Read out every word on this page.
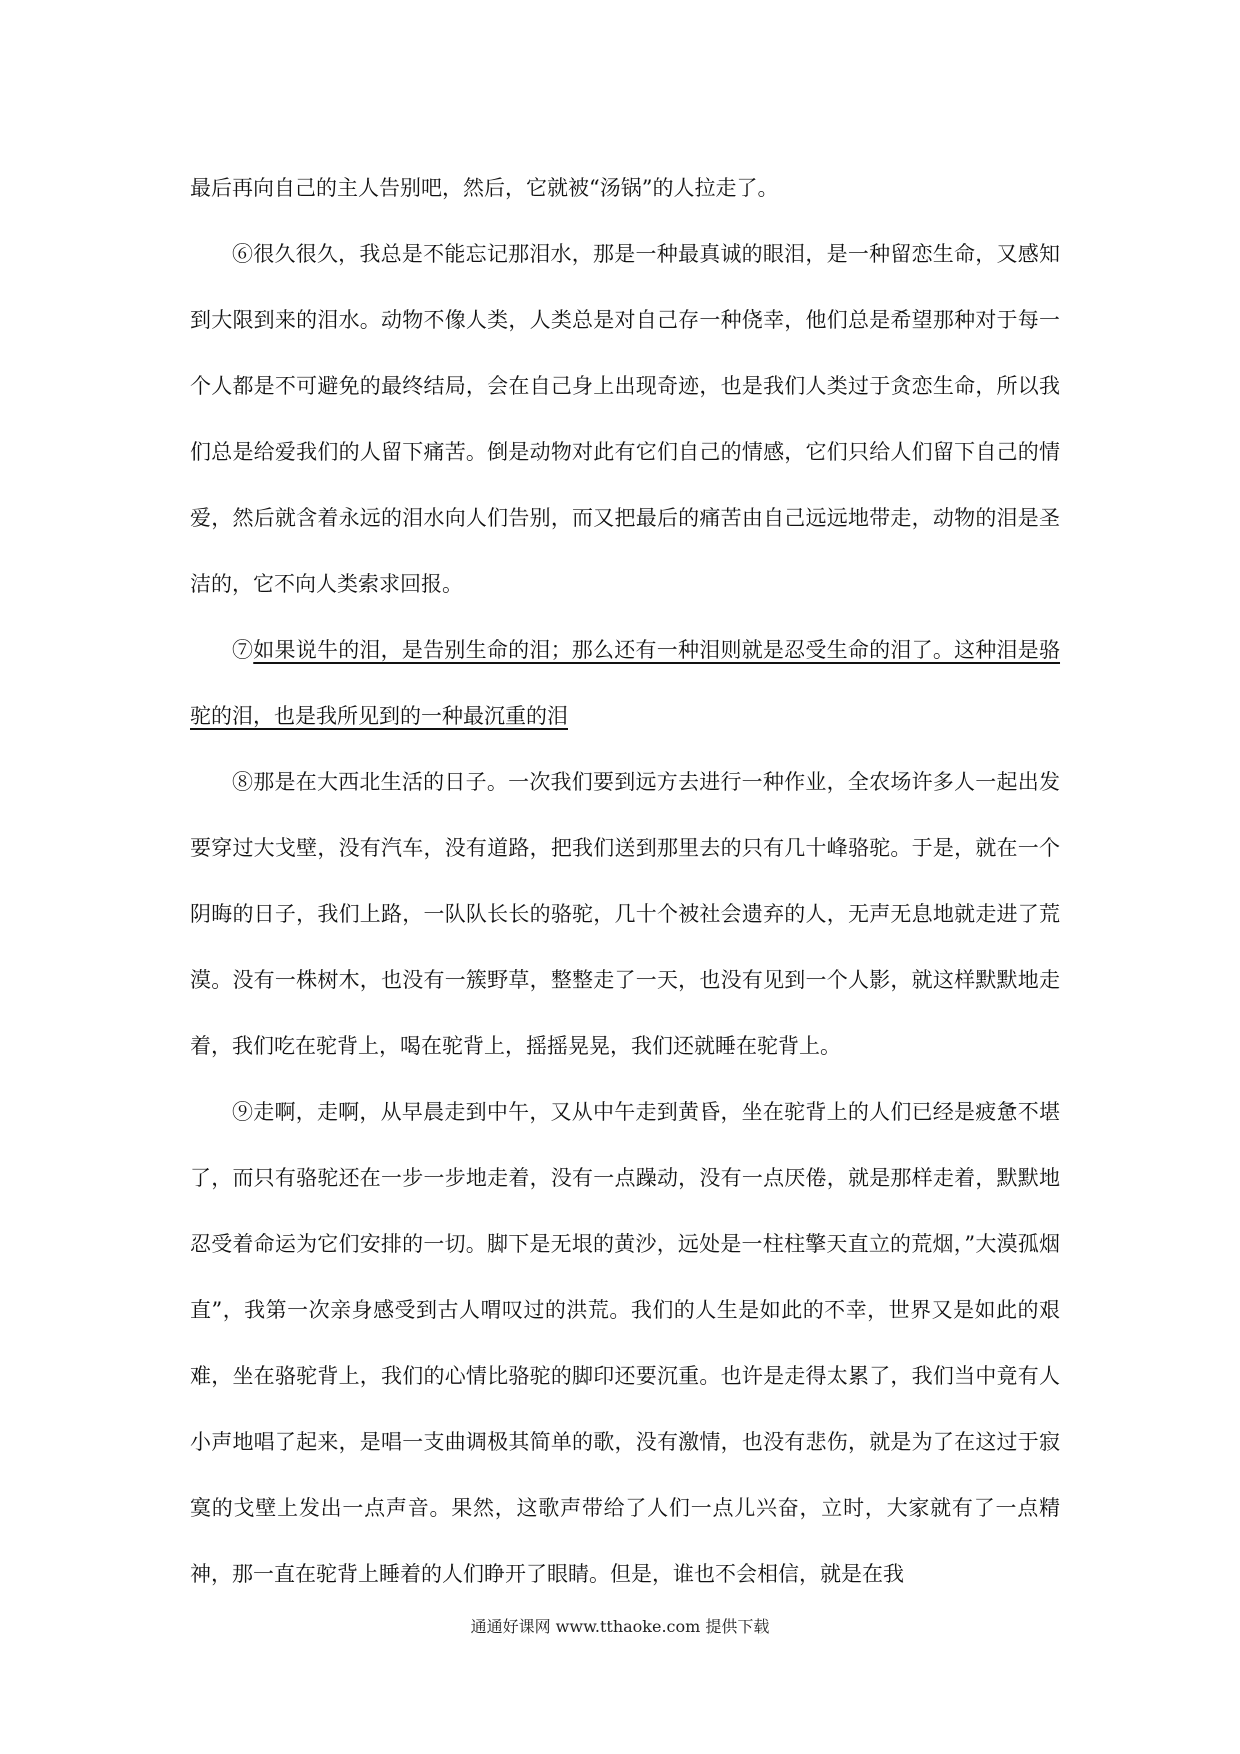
最后再向自己的主人告别吧，然后，它就被“汤锅”的人拉走了。

⑥很久很久，我总是不能忘记那泪水，那是一种最真诚的眼泪，是一种留恋生命，又感知到大限到来的泪水。动物不像人类，人类总是对自己存一种侥幸，他们总是希望那种对于每一个人都是不可避免的最终结局，会在自己身上出现奇迹，也是我们人类过于贪恋生命，所以我们总是给爱我们的人留下痛苦。倒是动物对此有它们自己的情感，它们只给人们留下自己的情爱，然后就含着永远的泪水向人们告别，而又把最后的痛苦由自己远远地带走，动物的泪是圣洁的，它不向人类索求回报。

⑦如果说牛的泪，是告别生命的泪；那么还有一种泪则就是忍受生命的泪了。这种泪是骆驼的泪，也是我所见到的一种最沉重的泪

⑧那是在大西北生活的日子。一次我们要到远方去进行一种作业，全农场许多人一起出发要穿过大戈壁，没有汽车，没有道路，把我们送到那里去的只有几十峰骆驼。于是，就在一个阴晦的日子，我们上路，一队队长长的骆驼，几十个被社会遗弃的人，无声无息地就走进了荒漠。没有一株树木，也没有一簇野草，整整走了一天，也没有见到一个人影，就这样默默地走着，我们吃在驼背上，喝在驼背上，摇摇晃晃，我们还就睡在驼背上。

⑨走啊，走啊，从早晨走到中午，又从中午走到黄昏，坐在驼背上的人们已经是疲惫不堪了，而只有骆驼还在一步一步地走着，没有一点躁动，没有一点厌倦，就是那样走着，默默地忍受着命运为它们安排的一切。脚下是无垠的黄沙，远处是一柱柱擎天直立的荒烟，”大漠孤烟直”，我第一次亲身感受到古人喟叹过的洪荒。我们的人生是如此的不幸，世界又是如此的艰难，坐在骆驼背上，我们的心情比骆驼的脚印还要沉重。也许是走得太累了，我们当中竟有人小声地唱了起来，是唱一支曲调极其简单的歌，没有激情，也没有悲伤，就是为了在这过于寂寞的戈壁上发出一点声音。果然，这歌声带给了人们一点儿兴奋，立时，大家就有了一点精神，那一直在驼背上睡着的人们睁开了眼睛。但是，谁也不会相信，就是在我

通通好课网 www.tthaoke.com 提供下载
